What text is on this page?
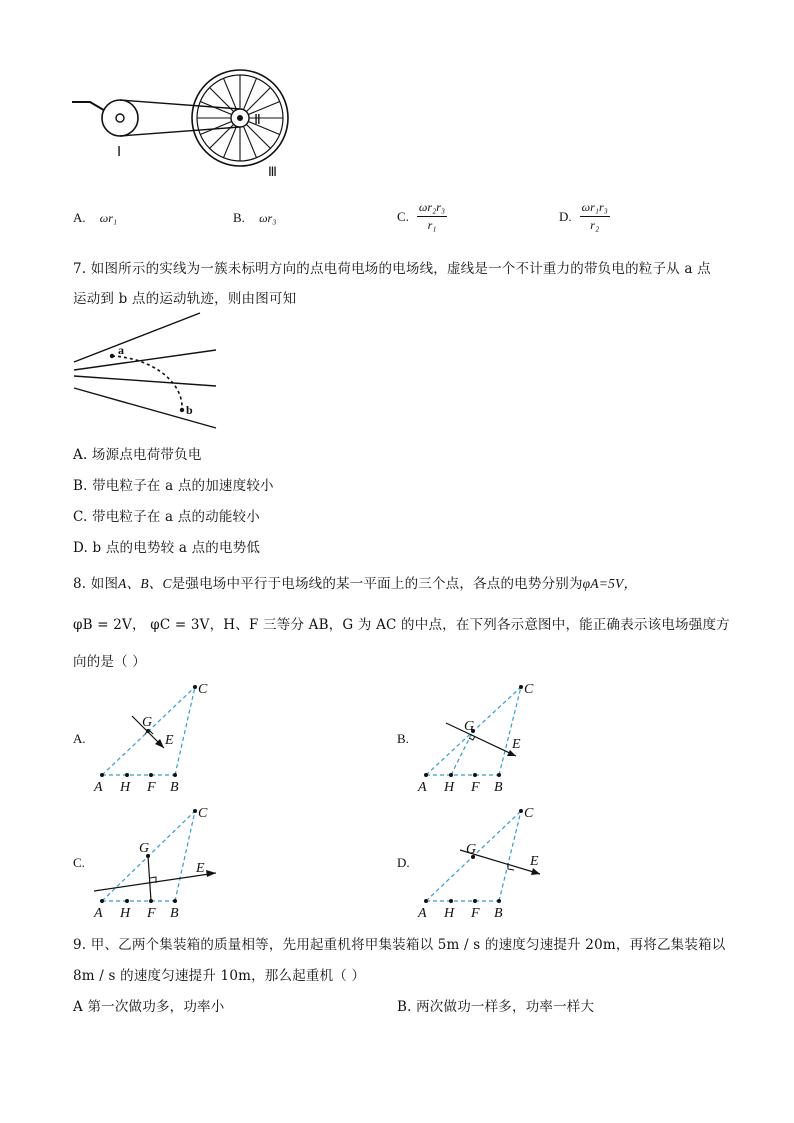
Ⅰ
Ⅱ
Ⅲ
A. ωr₁	B. ωr₃	C. $\frac{\text{ωr₂r₃}}{\text{r₁}}$	D. $\frac{\text{ωr₁r₃}}{\text{r₂}}$
7. 如图所示的实线为一簇未标明方向的点电荷电场的电场线，虚线是一个不计重力的带负电的粒子从 a 点
运动到 b 点的运动轨迹，则由图可知
a
b
A. 场源点电荷带负电
B. 带电粒子在 a 点的加速度较小
C. 带电粒子在 a 点的动能较小
D. b 点的电势较 a 点的电势低
8. 如图A、B、C是强电场中平行于电场线的某一平面上的三个点，各点的电势分别为φA=5V，
φB = 2V， φC = 3V，H、F 三等分 AB，G 为 AC 的中点，在下列各示意图中，能正确表示该电场强度方
向的是（ ）
A.
A H F B
C
G
E	B.
A H F B
C
G
E
C.
A H F B
C
G
E	D.
A H F B
C
G
E
9. 甲、乙两个集装箱的质量相等，先用起重机将甲集装箱以 5m / s 的速度匀速提升 20m，再将乙集装箱以
8m / s 的速度匀速提升 10m，那么起重机（ ）
A 第一次做功多，功率小	B. 两次做功一样多，功率一样大
